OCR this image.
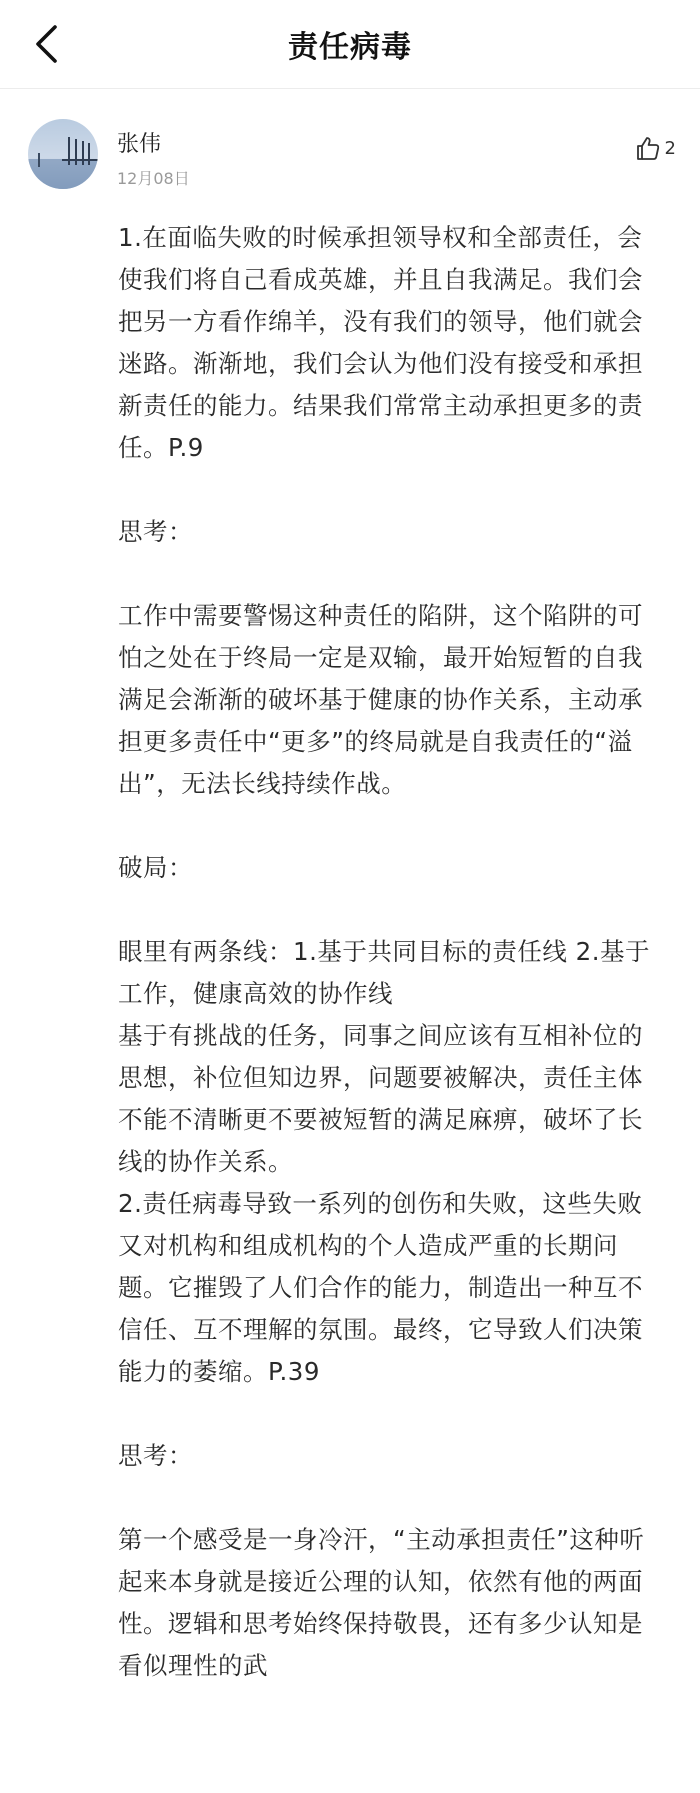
责任病毒
张伟
12月08日
2

1.在面临失败的时候承担领导权和全部责任，会使我们将自己看成英雄，并且自我满足。我们会把另一方看作绵羊，没有我们的领导，他们就会迷路。渐渐地，我们会认为他们没有接受和承担新责任的能力。结果我们常常主动承担更多的责任。P.9

思考：

工作中需要警惕这种责任的陷阱，这个陷阱的可怕之处在于终局一定是双输，最开始短暂的自我满足会渐渐的破坏基于健康的协作关系，主动承担更多责任中“更多”的终局就是自我责任的“溢出”，无法长线持续作战。

破局：

眼里有两条线：1.基于共同目标的责任线 2.基于工作，健康高效的协作线

基于有挑战的任务，同事之间应该有互相补位的思想，补位但知边界，问题要被解决，责任主体不能不清晰更不要被短暂的满足麻痹，破坏了长线的协作关系。

2.责任病毒导致一系列的创伤和失败，这些失败又对机构和组成机构的个人造成严重的长期问题。它摧毁了人们合作的能力，制造出一种互不信任、互不理解的氛围。最终，它导致人们决策能力的萎缩。P.39

思考：

第一个感受是一身冷汗，“主动承担责任”这种听起来本身就是接近公理的认知，依然有他的两面性。逻辑和思考始终保持敬畏，还有多少认知是看似理性的武
